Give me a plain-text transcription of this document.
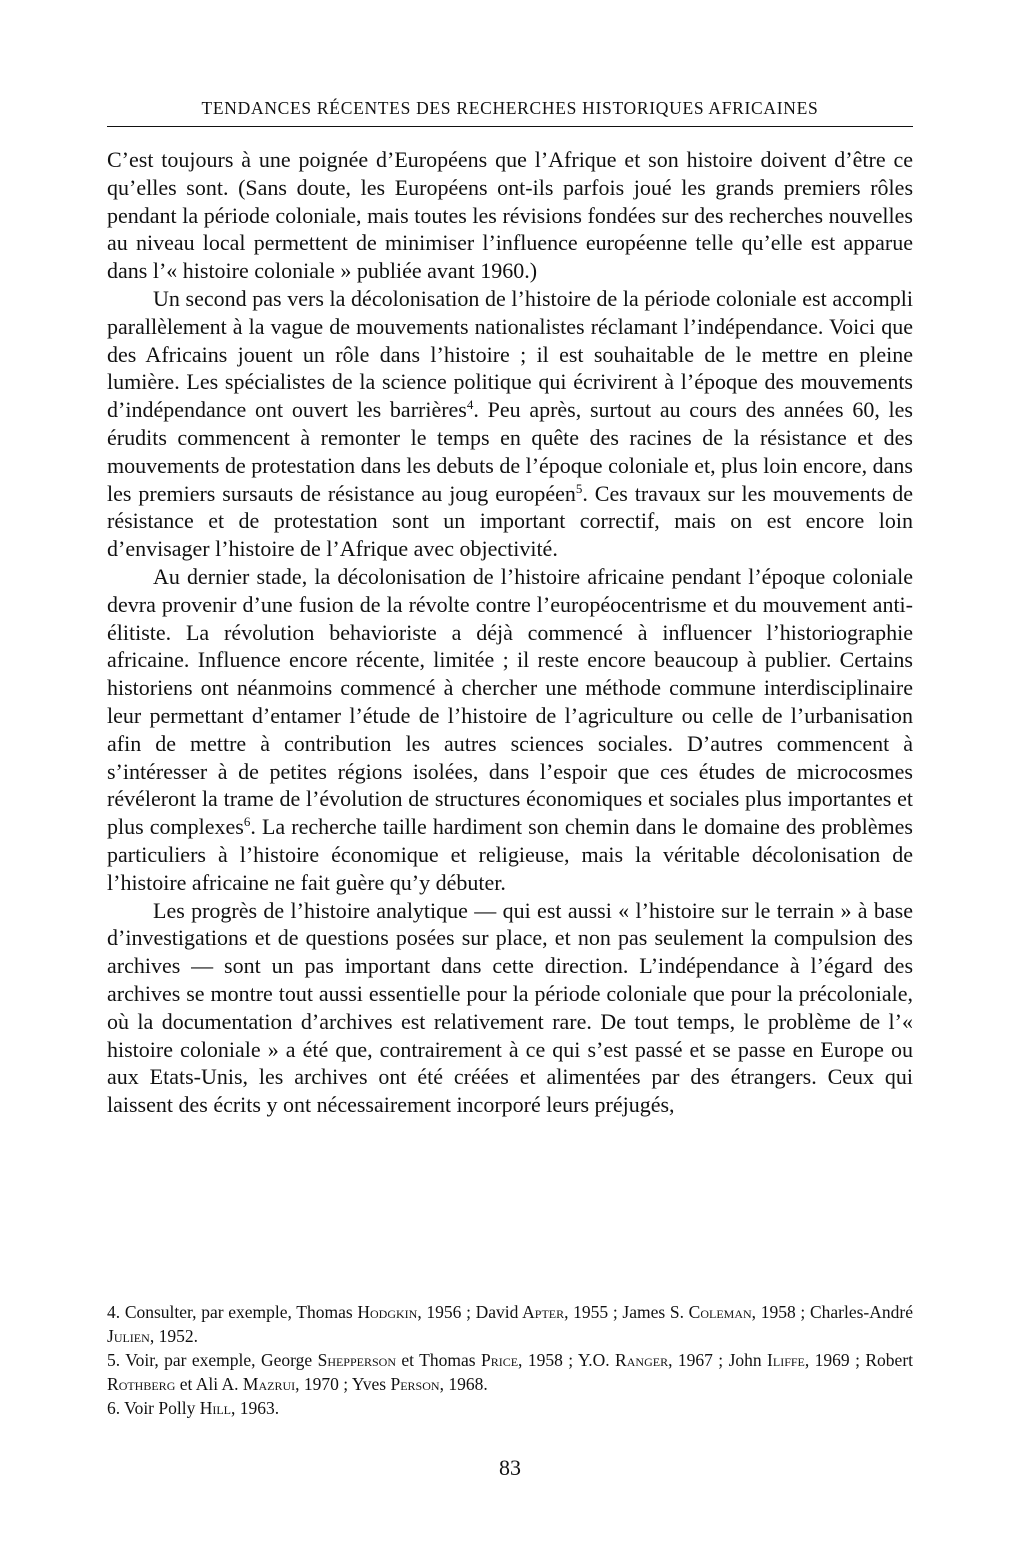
TENDANCES RÉCENTES DES RECHERCHES HISTORIQUES AFRICAINES

C’est toujours à une poignée d’Européens que l’Afrique et son histoire doivent d’être ce qu’elles sont. (Sans doute, les Européens ont-ils parfois joué les grands premiers rôles pendant la période coloniale, mais toutes les révisions fondées sur des recherches nouvelles au niveau local permettent de minimiser l’influence européenne telle qu’elle est apparue dans l’« histoire coloniale » publiée avant 1960.)

Un second pas vers la décolonisation de l’histoire de la période coloniale est accompli parallèlement à la vague de mouvements nationalistes réclamant l’indépendance. Voici que des Africains jouent un rôle dans l’histoire ; il est souhaitable de le mettre en pleine lumière. Les spécialistes de la science politique qui écrivirent à l’époque des mouvements d’indépendance ont ouvert les barrières$^4$. Peu après, surtout au cours des années 60, les érudits commencent à remonter le temps en quête des racines de la résistance et des mouvements de protestation dans les debuts de l’époque coloniale et, plus loin encore, dans les premiers sursauts de résistance au joug européen$^5$. Ces travaux sur les mouvements de résistance et de protestation sont un important correctif, mais on est encore loin d’envisager l’histoire de l’Afrique avec objectivité.

Au dernier stade, la décolonisation de l’histoire africaine pendant l’époque coloniale devra provenir d’une fusion de la révolte contre l’européocentrisme et du mouvement anti-élitiste. La révolution behavioriste a déjà commencé à influencer l’historiographie africaine. Influence encore récente, limitée ; il reste encore beaucoup à publier. Certains historiens ont néanmoins commencé à chercher une méthode commune interdisciplinaire leur permettant d’entamer l’étude de l’histoire de l’agriculture ou celle de l’urbanisation afin de mettre à contribution les autres sciences sociales. D’autres commencent à s’intéresser à de petites régions isolées, dans l’espoir que ces études de microcosmes révéleront la trame de l’évolution de structures économiques et sociales plus importantes et plus complexes$^6$. La recherche taille hardiment son chemin dans le domaine des problèmes particuliers à l’histoire économique et religieuse, mais la véritable décolonisation de l’histoire africaine ne fait guère qu’y débuter.

Les progrès de l’histoire analytique — qui est aussi « l’histoire sur le terrain » à base d’investigations et de questions posées sur place, et non pas seulement la compulsion des archives — sont un pas important dans cette direction. L’indépendance à l’égard des archives se montre tout aussi essentielle pour la période coloniale que pour la précoloniale, où la documentation d’archives est relativement rare. De tout temps, le problème de l’« histoire coloniale » a été que, contrairement à ce qui s’est passé et se passe en Europe ou aux Etats-Unis, les archives ont été créées et alimentées par des étrangers. Ceux qui laissent des écrits y ont nécessairement incorporé leurs préjugés,

4. Consulter, par exemple, Thomas Hodgkin, 1956 ; David Apter, 1955 ; James S. Coleman, 1958 ; Charles-André Julien, 1952.

5. Voir, par exemple, George Shepperson et Thomas Price, 1958 ; Y.O. Ranger, 1967 ; John Iliffe, 1969 ; Robert Rothberg et Ali A. Mazrui, 1970 ; Yves Person, 1968.

6. Voir Polly Hill, 1963.

83
